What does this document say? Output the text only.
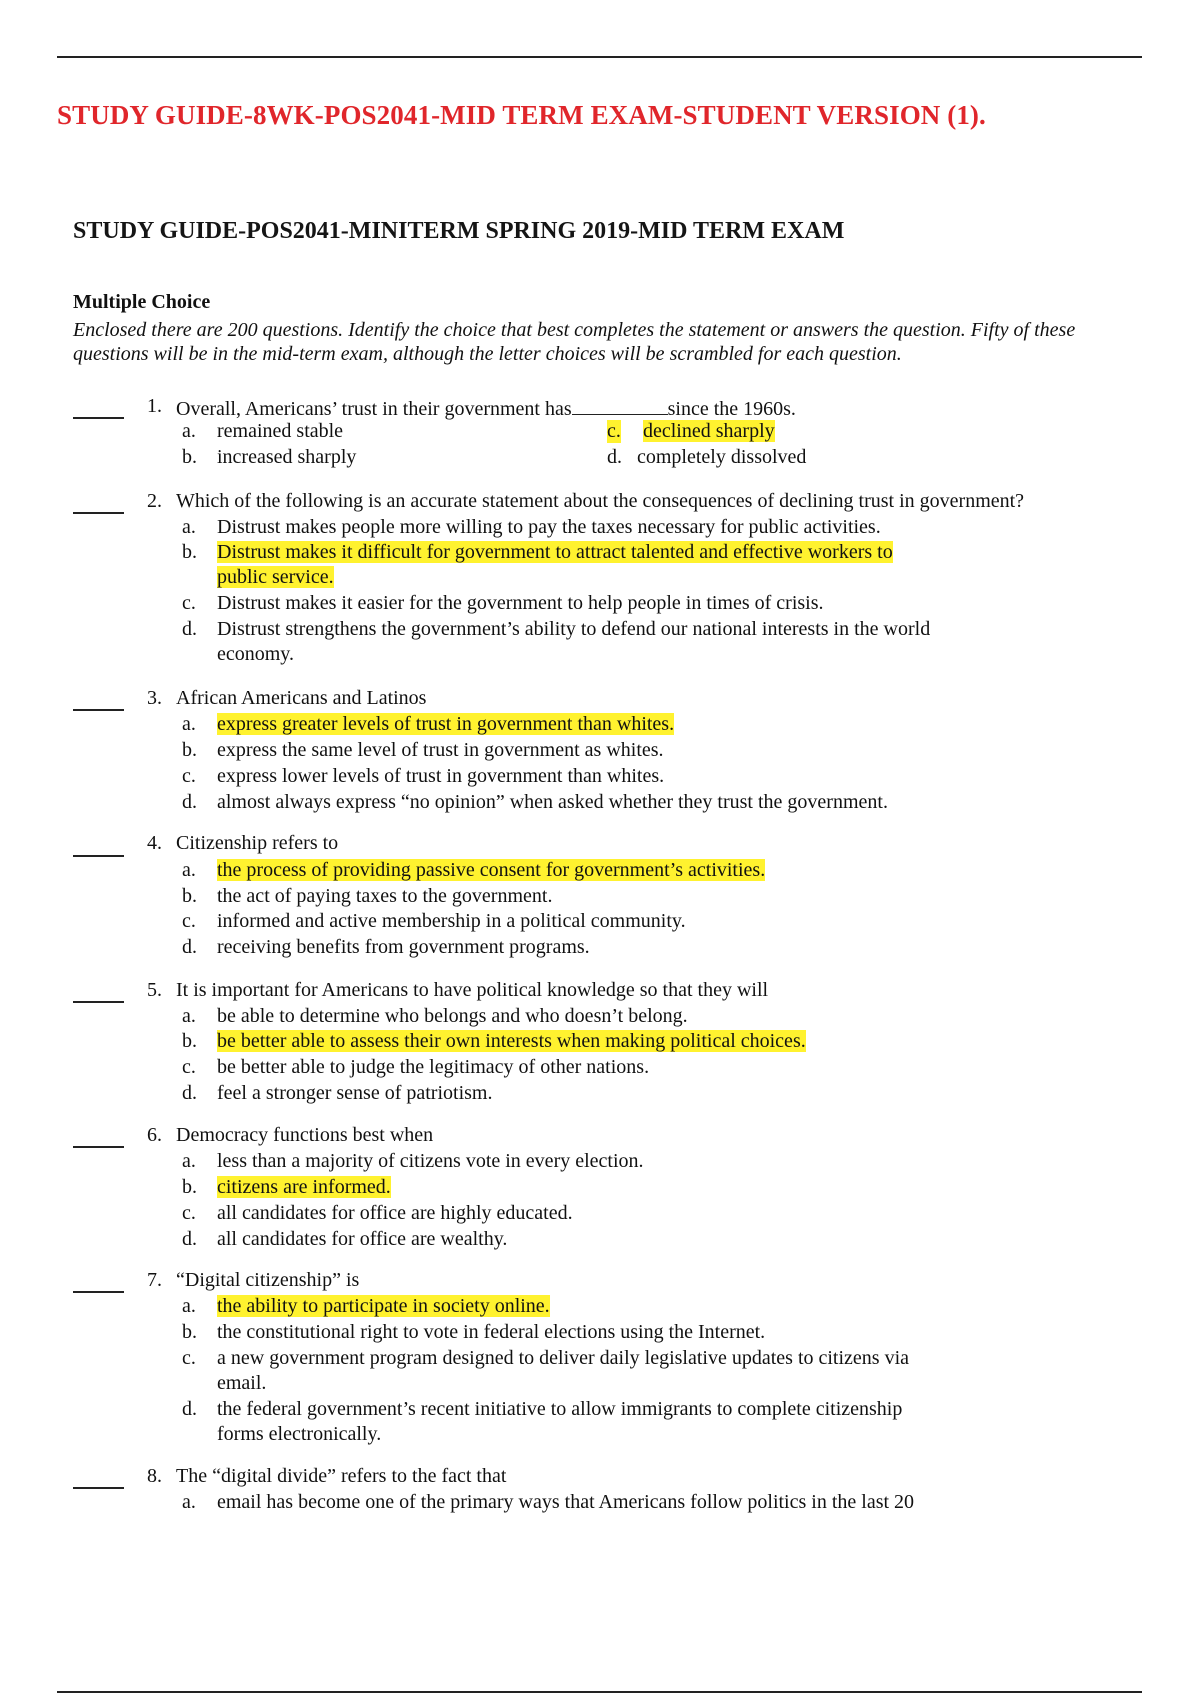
STUDY GUIDE-8WK-POS2041-MID TERM EXAM-STUDENT VERSION (1).
STUDY GUIDE-POS2041-MINITERM SPRING 2019-MID TERM EXAM
Multiple Choice
Enclosed there are 200 questions. Identify the choice that best completes the statement or answers the question. Fifty of these questions will be in the mid-term exam, although the letter choices will be scrambled for each question.
1. Overall, Americans’ trust in their government has	since the 1960s.
a. remained stable
b. increased sharply
c. declined sharply
d. completely dissolved
2. Which of the following is an accurate statement about the consequences of declining trust in government?
a. Distrust makes people more willing to pay the taxes necessary for public activities.
b. Distrust makes it difficult for government to attract talented and effective workers to public service.
c. Distrust makes it easier for the government to help people in times of crisis.
d. Distrust strengthens the government’s ability to defend our national interests in the world economy.
3. African Americans and Latinos
a. express greater levels of trust in government than whites.
b. express the same level of trust in government as whites.
c. express lower levels of trust in government than whites.
d. almost always express “no opinion” when asked whether they trust the government.
4. Citizenship refers to
a. the process of providing passive consent for government’s activities.
b. the act of paying taxes to the government.
c. informed and active membership in a political community.
d. receiving benefits from government programs.
5. It is important for Americans to have political knowledge so that they will
a. be able to determine who belongs and who doesn’t belong.
b. be better able to assess their own interests when making political choices.
c. be better able to judge the legitimacy of other nations.
d. feel a stronger sense of patriotism.
6. Democracy functions best when
a. less than a majority of citizens vote in every election.
b. citizens are informed.
c. all candidates for office are highly educated.
d. all candidates for office are wealthy.
7. “Digital citizenship” is
a. the ability to participate in society online.
b. the constitutional right to vote in federal elections using the Internet.
c. a new government program designed to deliver daily legislative updates to citizens via email.
d. the federal government’s recent initiative to allow immigrants to complete citizenship forms electronically.
8. The “digital divide” refers to the fact that
a. email has become one of the primary ways that Americans follow politics in the last 20
